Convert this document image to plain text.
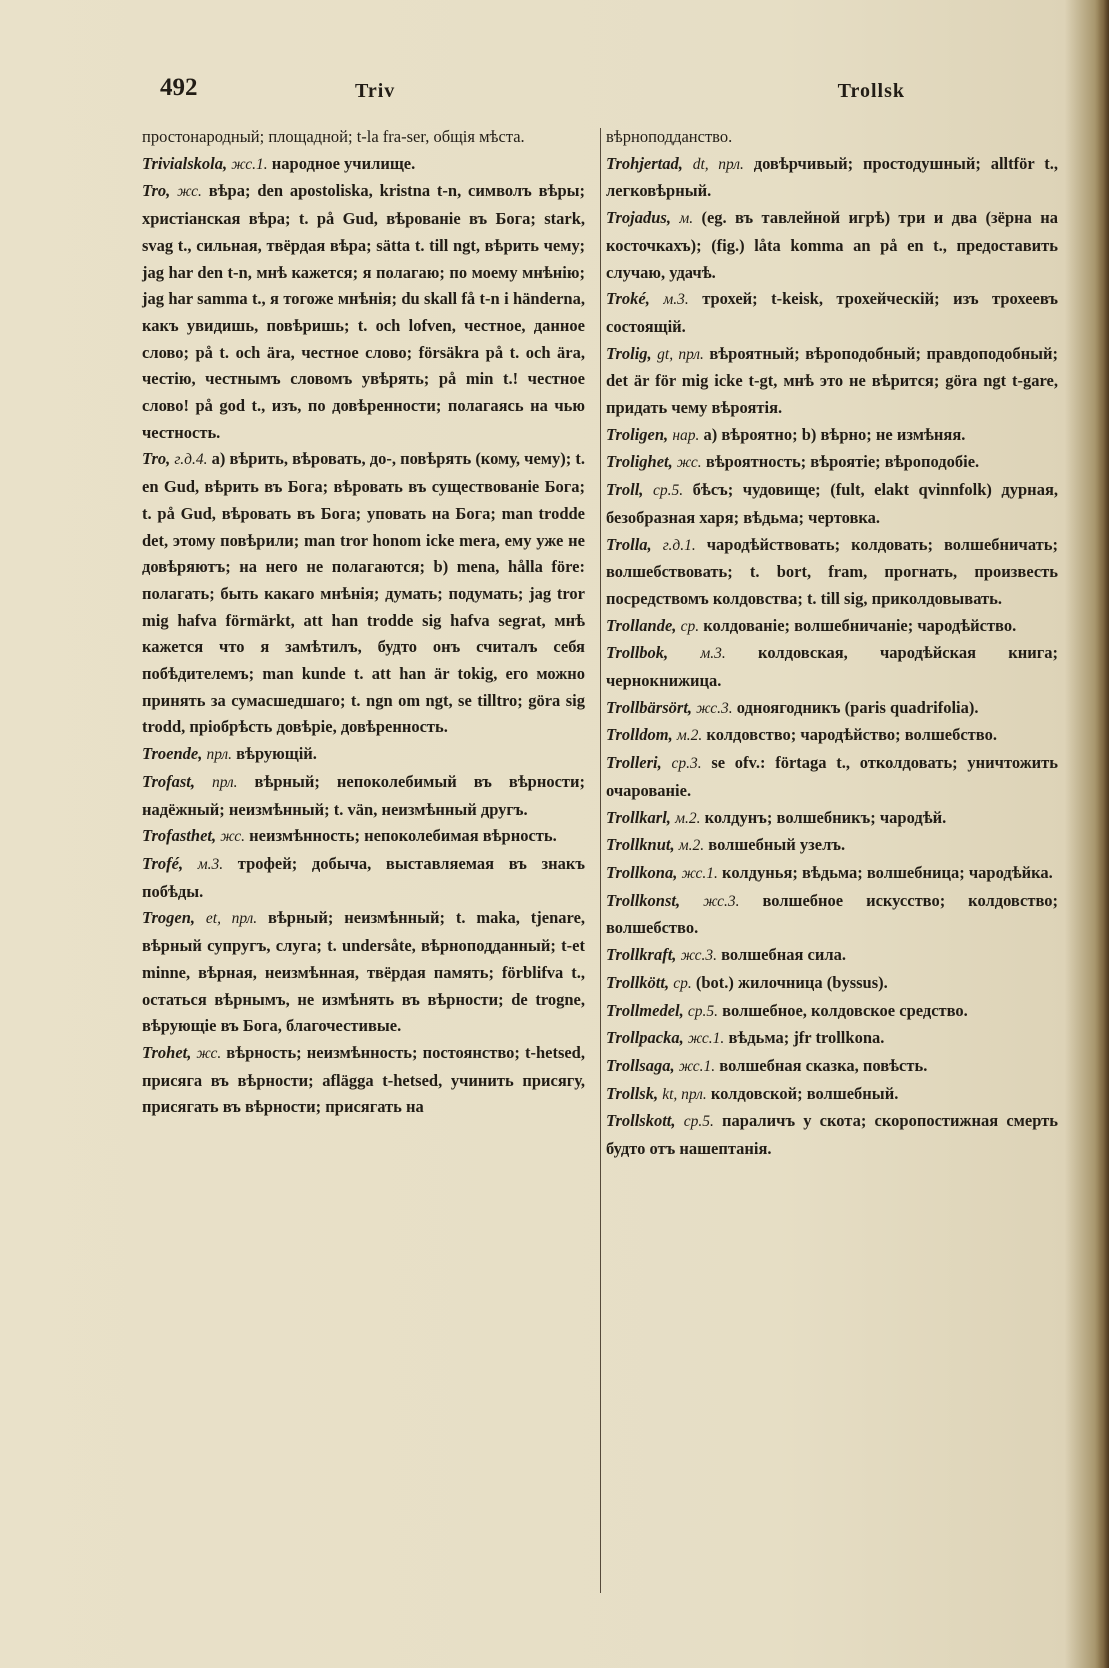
492	Triv	Trollsk

простонародный; площадной; t-la fra-ser, общія мѣста.

Trivialskola, жс.1. народное училище.

Tro, жс. вѣра; den apostoliska, kristna t-n, символъ вѣры; христіанская вѣра; t. på Gud, вѣрованіе въ Бога; stark, svag t., сильная, твёрдая вѣра; sätta t. till ngt, вѣрить чему; jag har den t-n, мнѣ кажется; я полагаю; по моему мнѣнію; jag har samma t., я тогоже мнѣнія; du skall få t-n i händerna, какъ увидишь, повѣришь; t. och lofven, честное, данное слово; på t. och ära, честное слово; försäkra på t. och ära, честію, честнымъ словомъ увѣрять; på min t.! честное слово! på god t., изъ, по довѣренности; полагаясь на чью честность.

Tro, г.д.4. а) вѣрить, вѣровать, до-, повѣрять (кому, чему); t. en Gud, вѣрить въ Бога; вѣровать въ существованіе Бога; t. på Gud, вѣровать въ Бога; уповать на Бога; man trodde det, этому повѣрили; man tror honom icke mera, ему уже не довѣряютъ; на него не полагаются; b) mena, hålla före: полагать; быть какаго мнѣнія; думать; подумать; jag tror mig hafva förmärkt, att han trodde sig hafva segrat, мнѣ кажется что я замѣтилъ, будто онъ считалъ себя побѣдителемъ; man kunde t. att han är tokig, его можно принять за сумасшедшаго; t. ngn om ngt, se tilltro; göra sig trodd, пріобрѣсть довѣріе, довѣренность.

Troende, прл. вѣрующій.

Trofast, прл. вѣрный; непоколебимый въ вѣрности; надёжный; неизмѣнный; t. vän, неизмѣнный другъ.

Trofasthet, жс. неизмѣнность; непоколебимая вѣрность.

Trofé, м.3. трофей; добыча, выставляемая въ знакъ побѣды.

Trogen, et, прл. вѣрный; неизмѣнный; t. maka, tjenare, вѣрный супругъ, слуга; t. undersåte, вѣрноподданный; t-et minne, вѣрная, неизмѣнная, твёрдая память; förblifva t., остаться вѣрнымъ, не измѣнять въ вѣрности; de trogne, вѣрующіе въ Бога, благочестивые.

Trohet, жс. вѣрность; неизмѣнность; постоянство; t-hetsed, присяга въ вѣрности; aflägga t-hetsed, учинить присягу, присягать въ вѣрности; присягать на

вѣрноподданство.

Trohjertad, dt, прл. довѣрчивый; простодушный; alltför t., легковѣрный.

Trojadus, м. (eg. въ тавлейной игрѣ) три и два (зёрна на косточкахъ); (fig.) låta komma an på en t., предоставить случаю, удачѣ.

Troké, м.3. трохей; t-keisk, трохейческій; изъ трохеевъ состоящій.

Trolig, gt, прл. вѣроятный; вѣроподобный; правдоподобный; det är för mig icke t-gt, мнѣ это не вѣрится; göra ngt t-gare, придать чему вѣроятія.

Troligen, нар. а) вѣроятно; b) вѣрно; не измѣняя.

Trolighet, жс. вѣроятность; вѣроятіе; вѣроподобіе.

Troll, ср.5. бѣсъ; чудовище; (fult, elakt qvinnfolk) дурная, безобразная харя; вѣдьма; чертовка.

Trolla, г.д.1. чародѣйствовать; колдовать; волшебничать; волшебствовать; t. bort, fram, прогнать, произвесть посредствомъ колдовства; t. till sig, приколдовывать.

Trollande, ср. колдованіе; волшебничаніе; чародѣйство.

Trollbok, м.3. колдовская, чародѣйская книга; чернокнижица.

Trollbärsört, жс.3. одноягодникъ (paris quadrifolia).

Trolldom, м.2. колдовство; чародѣйство; волшебство.

Trolleri, ср.3. se ofv.: förtaga t., отколдовать; уничтожить очарованіе.

Trollkarl, м.2. колдунъ; волшебникъ; чародѣй.

Trollknut, м.2. волшебный узелъ.

Trollkona, жс.1. колдунья; вѣдьма; волшебница; чародѣйка.

Trollkonst, жс.3. волшебное искусство; колдовство; волшебство.

Trollkraft, жс.3. волшебная сила.

Trollkött, ср. (bot.) жилочница (byssus).

Trollmedel, ср.5. волшебное, колдовское средство.

Trollpacka, жс.1. вѣдьма; jfr trollkona.

Trollsaga, жс.1. волшебная сказка, повѣсть.

Trollsk, kt, прл. колдовской; волшебный.

Trollskott, ср.5. параличъ у скота; скоропостижная смерть будто отъ нашептанія.
